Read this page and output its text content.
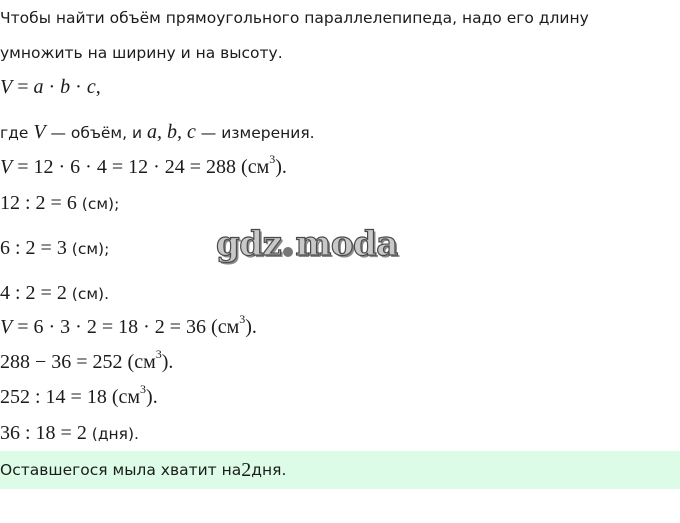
Чтобы найти объём прямоугольного параллелепипеда, надо его длину
умножить на ширину и на высоту.
V = a · b · c,
где V — объём, и a, b, c — измерения.
V = 12 · 6 · 4 = 12 · 24 = 288 $(см^3)$.
12 : 2 = 6 (см);
6 : 2 = 3 (см);	gdz moda
4 : 2 = 2 (см).
V = 6 · 3 · 2 = 18 · 2 = 36 $(см^3)$.
288 − 36 = 252 $(см^3)$.
252 : 14 = 18 $(см^3)$.
36 : 18 = 2 (дня).
Оставшегося мыла хватит на 2 дня.
